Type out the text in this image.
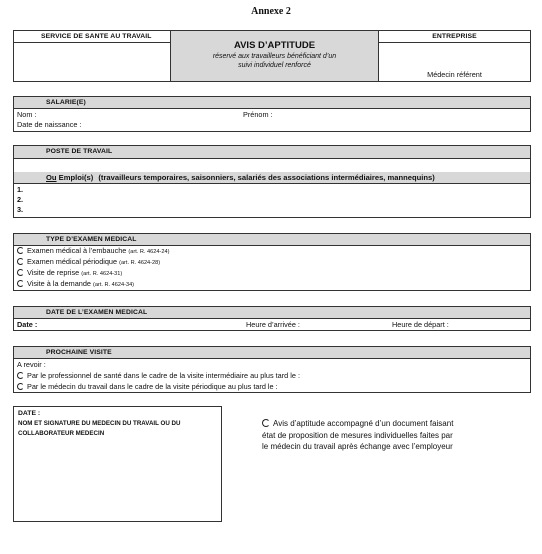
Annexe 2
SERVICE DE SANTE AU TRAVAIL
AVIS D’APTITUDE
réservé aux travailleurs bénéficiant d’un
suivi individuel renforcé
ENTREPRISE
Médecin référent
SALARIE(E)
Nom :	Prénom :
Date de naissance :
POSTE DE TRAVAIL
Ou Emploi(s) (travailleurs temporaires, saisonniers, salariés des associations intermédiaires, mannequins)
1.
2.
3.
TYPE D’EXAMEN MEDICAL
Examen médical à l’embauche (art. R. 4624-24)
Examen médical périodique (art. R. 4624-28)
Visite de reprise (art. R. 4624-31)
Visite à la demande (art. R. 4624-34)
DATE DE L’EXAMEN MEDICAL
Date :	Heure d’arrivée :	Heure de départ :
PROCHAINE VISITE
A revoir :
Par le professionnel de santé dans le cadre de la visite intermédiaire au plus tard le :
Par le médecin du travail dans le cadre de la visite périodique au plus tard le :
DATE :
NOM ET SIGNATURE DU MEDECIN DU TRAVAIL OU DU
COLLABORATEUR MEDECIN
Avis d’aptitude accompagné d’un document faisant
état de proposition de mesures individuelles faites par
le médecin du travail après échange avec l’employeur
